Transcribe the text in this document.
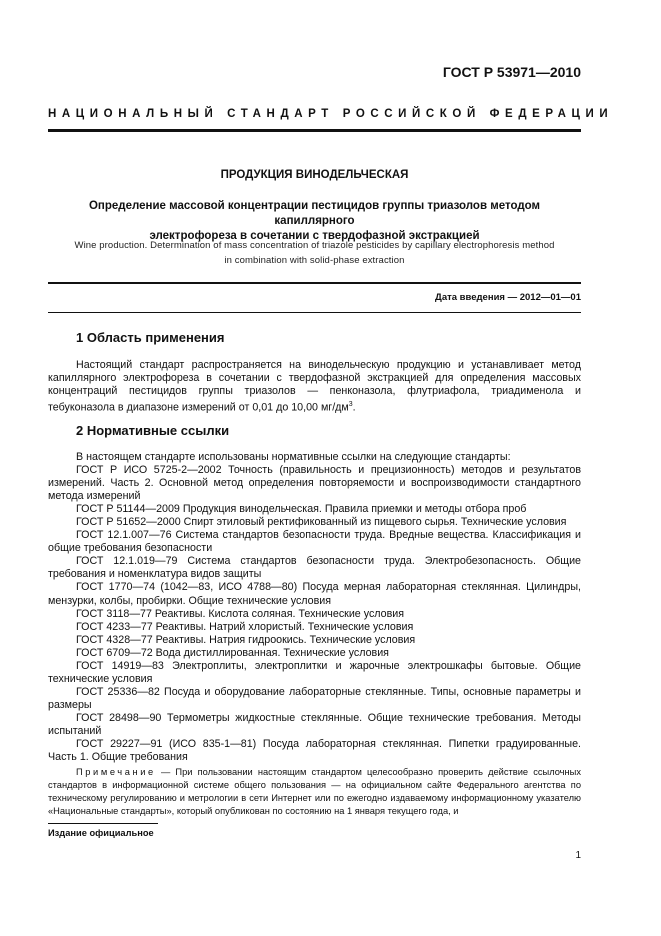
ГОСТ Р 53971—2010
НАЦИОНАЛЬНЫЙ СТАНДАРТ РОССИЙСКОЙ ФЕДЕРАЦИИ
ПРОДУКЦИЯ ВИНОДЕЛЬЧЕСКАЯ
Определение массовой концентрации пестицидов группы триазолов методом капиллярного
электрофореза в сочетании с твердофазной экстракцией
Wine production. Determination of mass concentration of triazole pesticides by capillary electrophoresis method
in combination with solid-phase extraction
Дата введения — 2012—01—01
1 Область применения

Настоящий стандарт распространяется на винодельческую продукцию и устанавливает метод капиллярного электрофореза в сочетании с твердофазной экстракцией для определения массовых концентраций пестицидов группы триазолов — пенконазола, флутриафола, триадименола и тебуконазола в диапазоне измерений от 0,01 до 10,00 $мг/дм^3$.

2 Нормативные ссылки

В настоящем стандарте использованы нормативные ссылки на следующие стандарты:

ГОСТ Р ИСО 5725-2—2002 Точность (правильность и прецизионность) методов и результатов измерений. Часть 2. Основной метод определения повторяемости и воспроизводимости стандартного метода измерений

ГОСТ Р 51144—2009 Продукция винодельческая. Правила приемки и методы отбора проб

ГОСТ Р 51652—2000 Спирт этиловый ректификованный из пищевого сырья. Технические условия

ГОСТ 12.1.007—76 Система стандартов безопасности труда. Вредные вещества. Классификация и общие требования безопасности

ГОСТ 12.1.019—79 Система стандартов безопасности труда. Электробезопасность. Общие требования и номенклатура видов защиты

ГОСТ 1770—74 (1042—83, ИСО 4788—80) Посуда мерная лабораторная стеклянная. Цилиндры, мензурки, колбы, пробирки. Общие технические условия

ГОСТ 3118—77 Реактивы. Кислота соляная. Технические условия

ГОСТ 4233—77 Реактивы. Натрий хлористый. Технические условия

ГОСТ 4328—77 Реактивы. Натрия гидроокись. Технические условия

ГОСТ 6709—72 Вода дистиллированная. Технические условия

ГОСТ 14919—83 Электроплиты, электроплитки и жарочные электрошкафы бытовые. Общие технические условия

ГОСТ 25336—82 Посуда и оборудование лабораторные стеклянные. Типы, основные параметры и размеры

ГОСТ 28498—90 Термометры жидкостные стеклянные. Общие технические требования. Методы испытаний

ГОСТ 29227—91 (ИСО 835-1—81) Посуда лабораторная стеклянная. Пипетки градуированные. Часть 1. Общие требования

Примечание — При пользовании настоящим стандартом целесообразно проверить действие ссылочных стандартов в информационной системе общего пользования — на официальном сайте Федерального агентства по техническому регулированию и метрологии в сети Интернет или по ежегодно издаваемому информационному указателю «Национальные стандарты», который опубликован по состоянию на 1 января текущего года, и

Издание официальное
1
